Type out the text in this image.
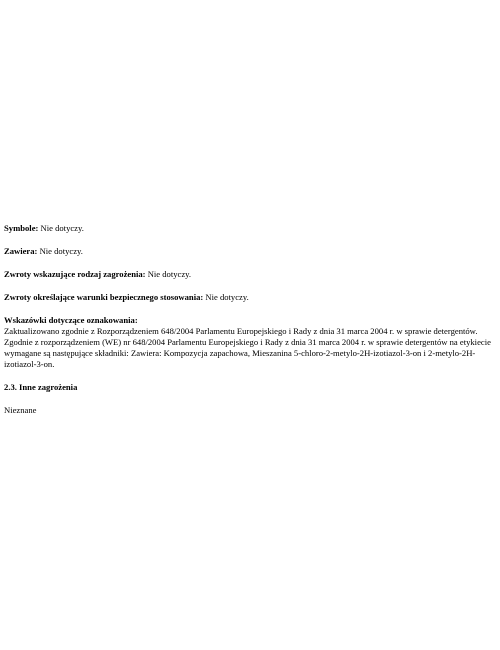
Symbole: Nie dotyczy.

Zawiera: Nie dotyczy.

Zwroty wskazujące rodzaj zagrożenia: Nie dotyczy.

Zwroty określające warunki bezpiecznego stosowania: Nie dotyczy.

Wskazówki dotyczące oznakowania:

Zaktualizowano zgodnie z Rozporządzeniem 648/2004 Parlamentu Europejskiego i Rady z dnia 31 marca 2004 r. w sprawie detergentów.

Zgodnie z rozporządzeniem (WE) nr 648/2004 Parlamentu Europejskiego i Rady z dnia 31 marca 2004 r. w sprawie detergentów na etykiecie wymagane są następujące składniki: Zawiera: Kompozycja zapachowa, Mieszanina 5-chloro-2-metylo-2H-izotiazol-3-on i 2-metylo-2H-izotiazol-3-on.

2.3. Inne zagrożenia

Nieznane
